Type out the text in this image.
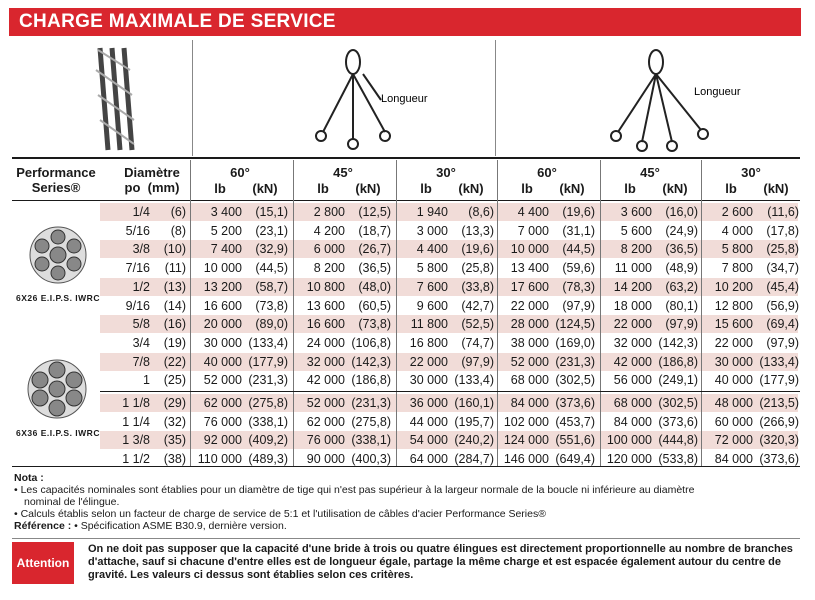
CHARGE MAXIMALE DE SERVICE
Longueur
Longueur
Performance
Series®
Diamètre
po (mm)
60°
lb	(kN)
45°
lb	(kN)
30°
lb	(kN)
60°
lb	(kN)
45°
lb	(kN)
30°
lb	(kN)
6X26 E.I.P.S. IWRC
6X36 E.I.P.S. IWRC
1/4	(6)	3 400	(15,1)	2 800	(12,5)	1 940	(8,6)	4 400	(19,6)	3 600	(16,0)	2 600	(11,6)
5/16	(8)	5 200	(23,1)	4 200	(18,7)	3 000	(13,3)	7 000	(31,1)	5 600	(24,9)	4 000	(17,8)
3/8	(10)	7 400	(32,9)	6 000	(26,7)	4 400	(19,6)	10 000	(44,5)	8 200	(36,5)	5 800	(25,8)
7/16	(11)	10 000	(44,5)	8 200	(36,5)	5 800	(25,8)	13 400	(59,6)	11 000	(48,9)	7 800	(34,7)
1/2	(13)	13 200	(58,7)	10 800	(48,0)	7 600	(33,8)	17 600	(78,3)	14 200	(63,2)	10 200	(45,4)
9/16	(14)	16 600	(73,8)	13 600	(60,5)	9 600	(42,7)	22 000	(97,9)	18 000	(80,1)	12 800	(56,9)
5/8	(16)	20 000	(89,0)	16 600	(73,8)	11 800	(52,5)	28 000 (124,5)	22 000	(97,9)	15 600	(69,4)
3/4	(19)	30 000 (133,4)	24 000 (106,8)	16 800	(74,7)	38 000 (169,0)	32 000 (142,3)	22 000	(97,9)
7/8	(22)	40 000 (177,9)	32 000 (142,3)	22 000	(97,9)	52 000 (231,3)	42 000 (186,8)	30 000 (133,4)
1	(25)	52 000 (231,3)	42 000 (186,8)	30 000 (133,4)	68 000 (302,5)	56 000 (249,1)	40 000 (177,9)
1 1/8	(29)	62 000 (275,8)	52 000 (231,3)	36 000 (160,1)	84 000 (373,6)	68 000 (302,5)	48 000 (213,5)
1 1/4	(32)	76 000 (338,1)	62 000 (275,8)	44 000 (195,7) 102 000 (453,7)	84 000 (373,6)	60 000 (266,9)
1 3/8	(35)	92 000 (409,2)	76 000 (338,1)	54 000 (240,2) 124 000 (551,6) 100 000 (444,8)	72 000 (320,3)
1 1/2	(38) 110 000 (489,3)	90 000 (400,3)	64 000 (284,7) 146 000 (649,4) 120 000 (533,8)	84 000 (373,6)
Nota :
• Les capacités nominales sont établies pour un diamètre de tige qui n'est pas supérieur à la largeur normale de la boucle ni inférieure au diamètre
nominal de l'élingue.
• Calculs établis selon un facteur de charge de service de 5:1 et l'utilisation de câbles d'acier Performance Series®
Référence : • Spécification ASME B30.9, dernière version.
Attention
On ne doit pas supposer que la capacité d'une bride à trois ou quatre élingues est directement proportionnelle au nombre de branches d'attache, sauf si chacune d'entre elles est de longueur égale, partage la même charge et est espacée également autour du centre de gravité. Les valeurs ci dessus sont établies selon ces critères.
